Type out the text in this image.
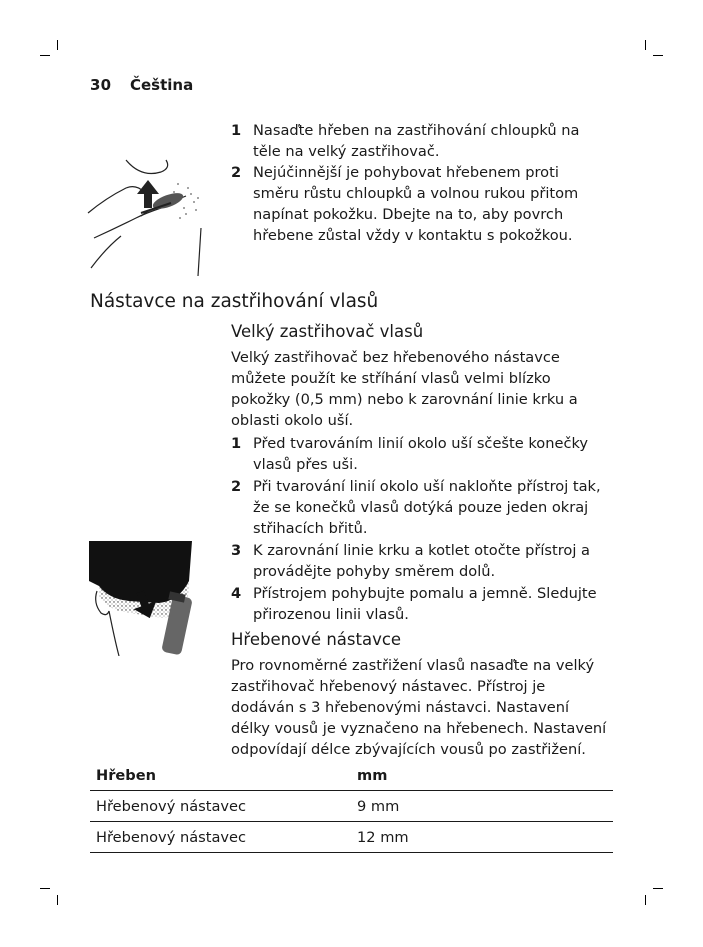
30 Čeština
1 Nasaďte hřeben na zastřihování chloupků na
těle na velký zastřihovač.
2 Nejúčinnější je pohybovat hřebenem proti
směru růstu chloupků a volnou rukou přitom
napínat pokožku. Dbejte na to, aby povrch
hřebene zůstal vždy v kontaktu s pokožkou.
Nástavce na zastřihování vlasů
Velký zastřihovač vlasů
Velký zastřihovač bez hřebenového nástavce
můžete použít ke stříhání vlasů velmi blízko
pokožky (0,5 mm) nebo k zarovnání linie krku a
oblasti okolo uší.
1 Před tvarováním linií okolo uší sčešte konečky
vlasů přes uši.
2 Při tvarování linií okolo uší nakloňte přístroj tak,
že se konečků vlasů dotýká pouze jeden okraj
střihacích břitů.
3 K zarovnání linie krku a kotlet otočte přístroj a
provádějte pohyby směrem dolů.
4 Přístrojem pohybujte pomalu a jemně. Sledujte
přirozenou linii vlasů.
Hřebenové nástavce
Pro rovnoměrné zastřižení vlasů nasaďte na velký
zastřihovač hřebenový nástavec. Přístroj je
dodáván s 3 hřebenovými nástavci. Nastavení
délky vousů je vyznačeno na hřebenech. Nastavení
odpovídají délce zbývajících vousů po zastřižení.
Hřeben	mm
Hřebenový nástavec	9 mm
Hřebenový nástavec	12 mm
